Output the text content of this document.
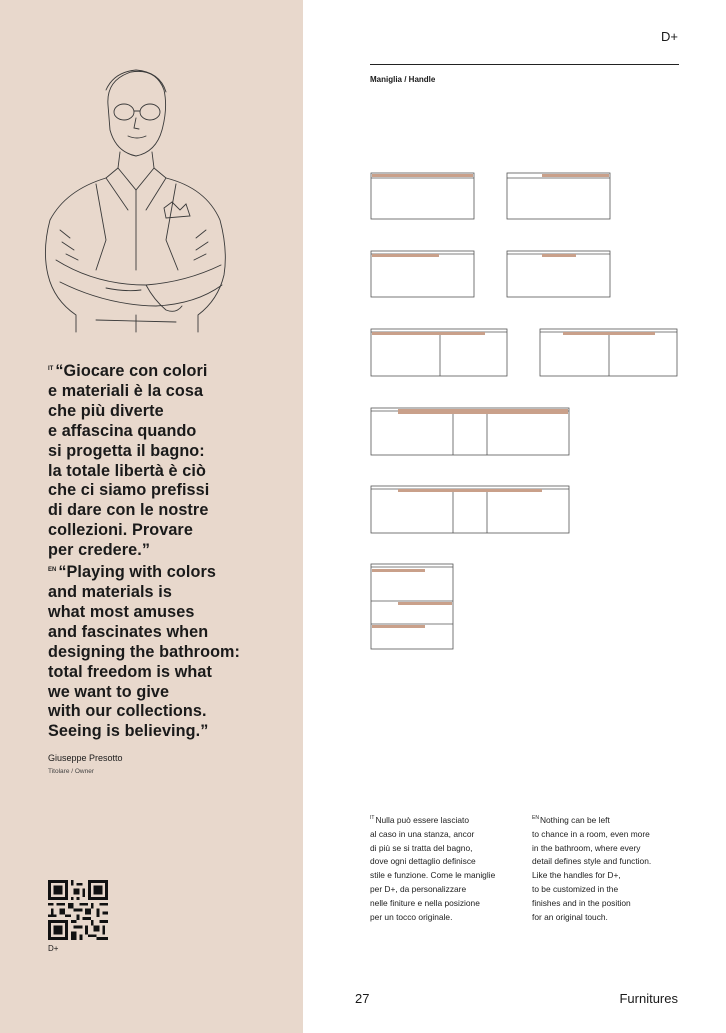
$^{IT}$ “Giocare con colori
e materiali è la cosa
che più diverte
e affascina quando
si progetta il bagno:
la totale libertà è ciò
che ci siamo prefissi
di dare con le nostre
collezioni. Provare
per credere.”
$^{EN}$ “Playing with colors
and materials is
what most amuses
and fascinates when
designing the bathroom:
total freedom is what
we want to give
with our collections.
Seeing is believing.”
Giuseppe Presotto
Titolare / Owner
D+
D+
Maniglia / Handle
$^{IT}$Nulla può essere lasciato
al caso in una stanza, ancor
di più se si tratta del bagno,
dove ogni dettaglio definisce
stile e funzione. Come le maniglie
per D+, da personalizzare
nelle finiture e nella posizione
per un tocco originale.
$^{EN}$Nothing can be left
to chance in a room, even more
in the bathroom, where every
detail defines style and function.
Like the handles for D+,
to be customized in the
finishes and in the position
for an original touch.
27	Furnitures
